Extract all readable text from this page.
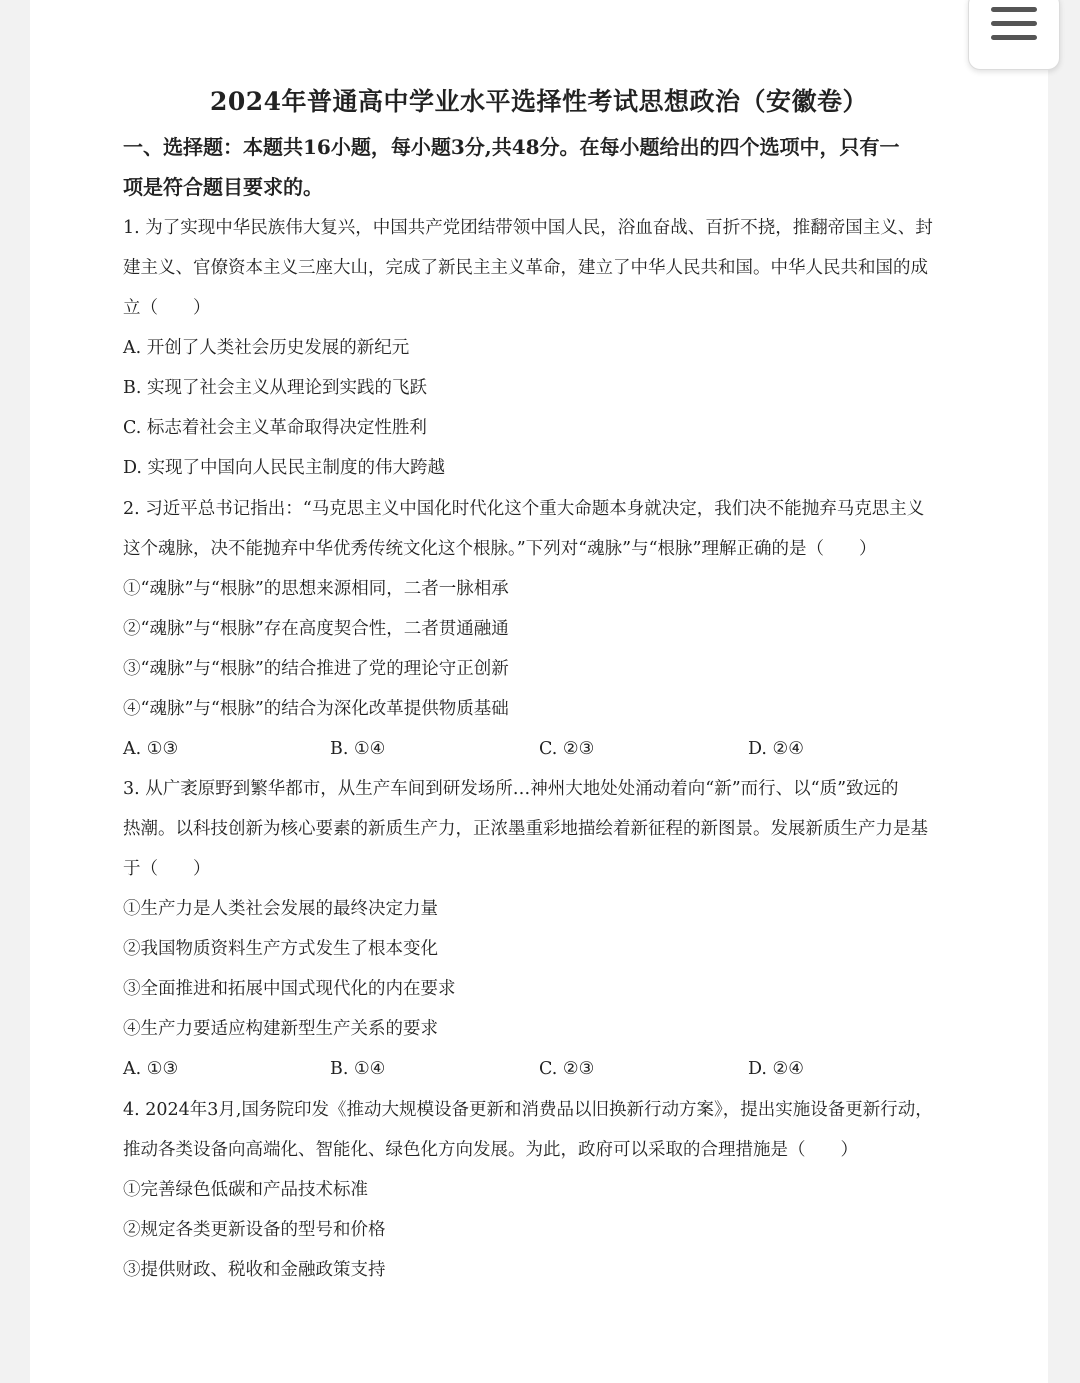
2024年普通高中学业水平选择性考试思想政治（安徽卷）

一、选择题：本题共16小题，每小题3分,共48分。在每小题给出的四个选项中，只有一

项是符合题目要求的。

1. 为了实现中华民族伟大复兴，中国共产党团结带领中国人民，浴血奋战、百折不挠，推翻帝国主义、封

建主义、官僚资本主义三座大山，完成了新民主主义革命，建立了中华人民共和国。中华人民共和国的成

立（　　）

A. 开创了人类社会历史发展的新纪元

B. 实现了社会主义从理论到实践的飞跃

C. 标志着社会主义革命取得决定性胜利

D. 实现了中国向人民民主制度的伟大跨越

2. 习近平总书记指出：“马克思主义中国化时代化这个重大命题本身就决定，我们决不能抛弃马克思主义

这个魂脉，决不能抛弃中华优秀传统文化这个根脉。”下列对“魂脉”与“根脉”理解正确的是（　　）

①“魂脉”与“根脉”的思想来源相同，二者一脉相承

②“魂脉”与“根脉”存在高度契合性，二者贯通融通

③“魂脉”与“根脉”的结合推进了党的理论守正创新

④“魂脉”与“根脉”的结合为深化改革提供物质基础

A. ①③	B. ①④	C. ②③	D. ②④

3. 从广袤原野到繁华都市，从生产车间到研发场所…神州大地处处涌动着向“新”而行、以“质”致远的

热潮。以科技创新为核心要素的新质生产力，正浓墨重彩地描绘着新征程的新图景。发展新质生产力是基

于（　　）

①生产力是人类社会发展的最终决定力量

②我国物质资料生产方式发生了根本变化

③全面推进和拓展中国式现代化的内在要求

④生产力要适应构建新型生产关系的要求

A. ①③	B. ①④	C. ②③	D. ②④

4. 2024年3月,国务院印发《推动大规模设备更新和消费品以旧换新行动方案》，提出实施设备更新行动，

推动各类设备向高端化、智能化、绿色化方向发展。为此，政府可以采取的合理措施是（　　）

①完善绿色低碳和产品技术标准

②规定各类更新设备的型号和价格

③提供财政、税收和金融政策支持
